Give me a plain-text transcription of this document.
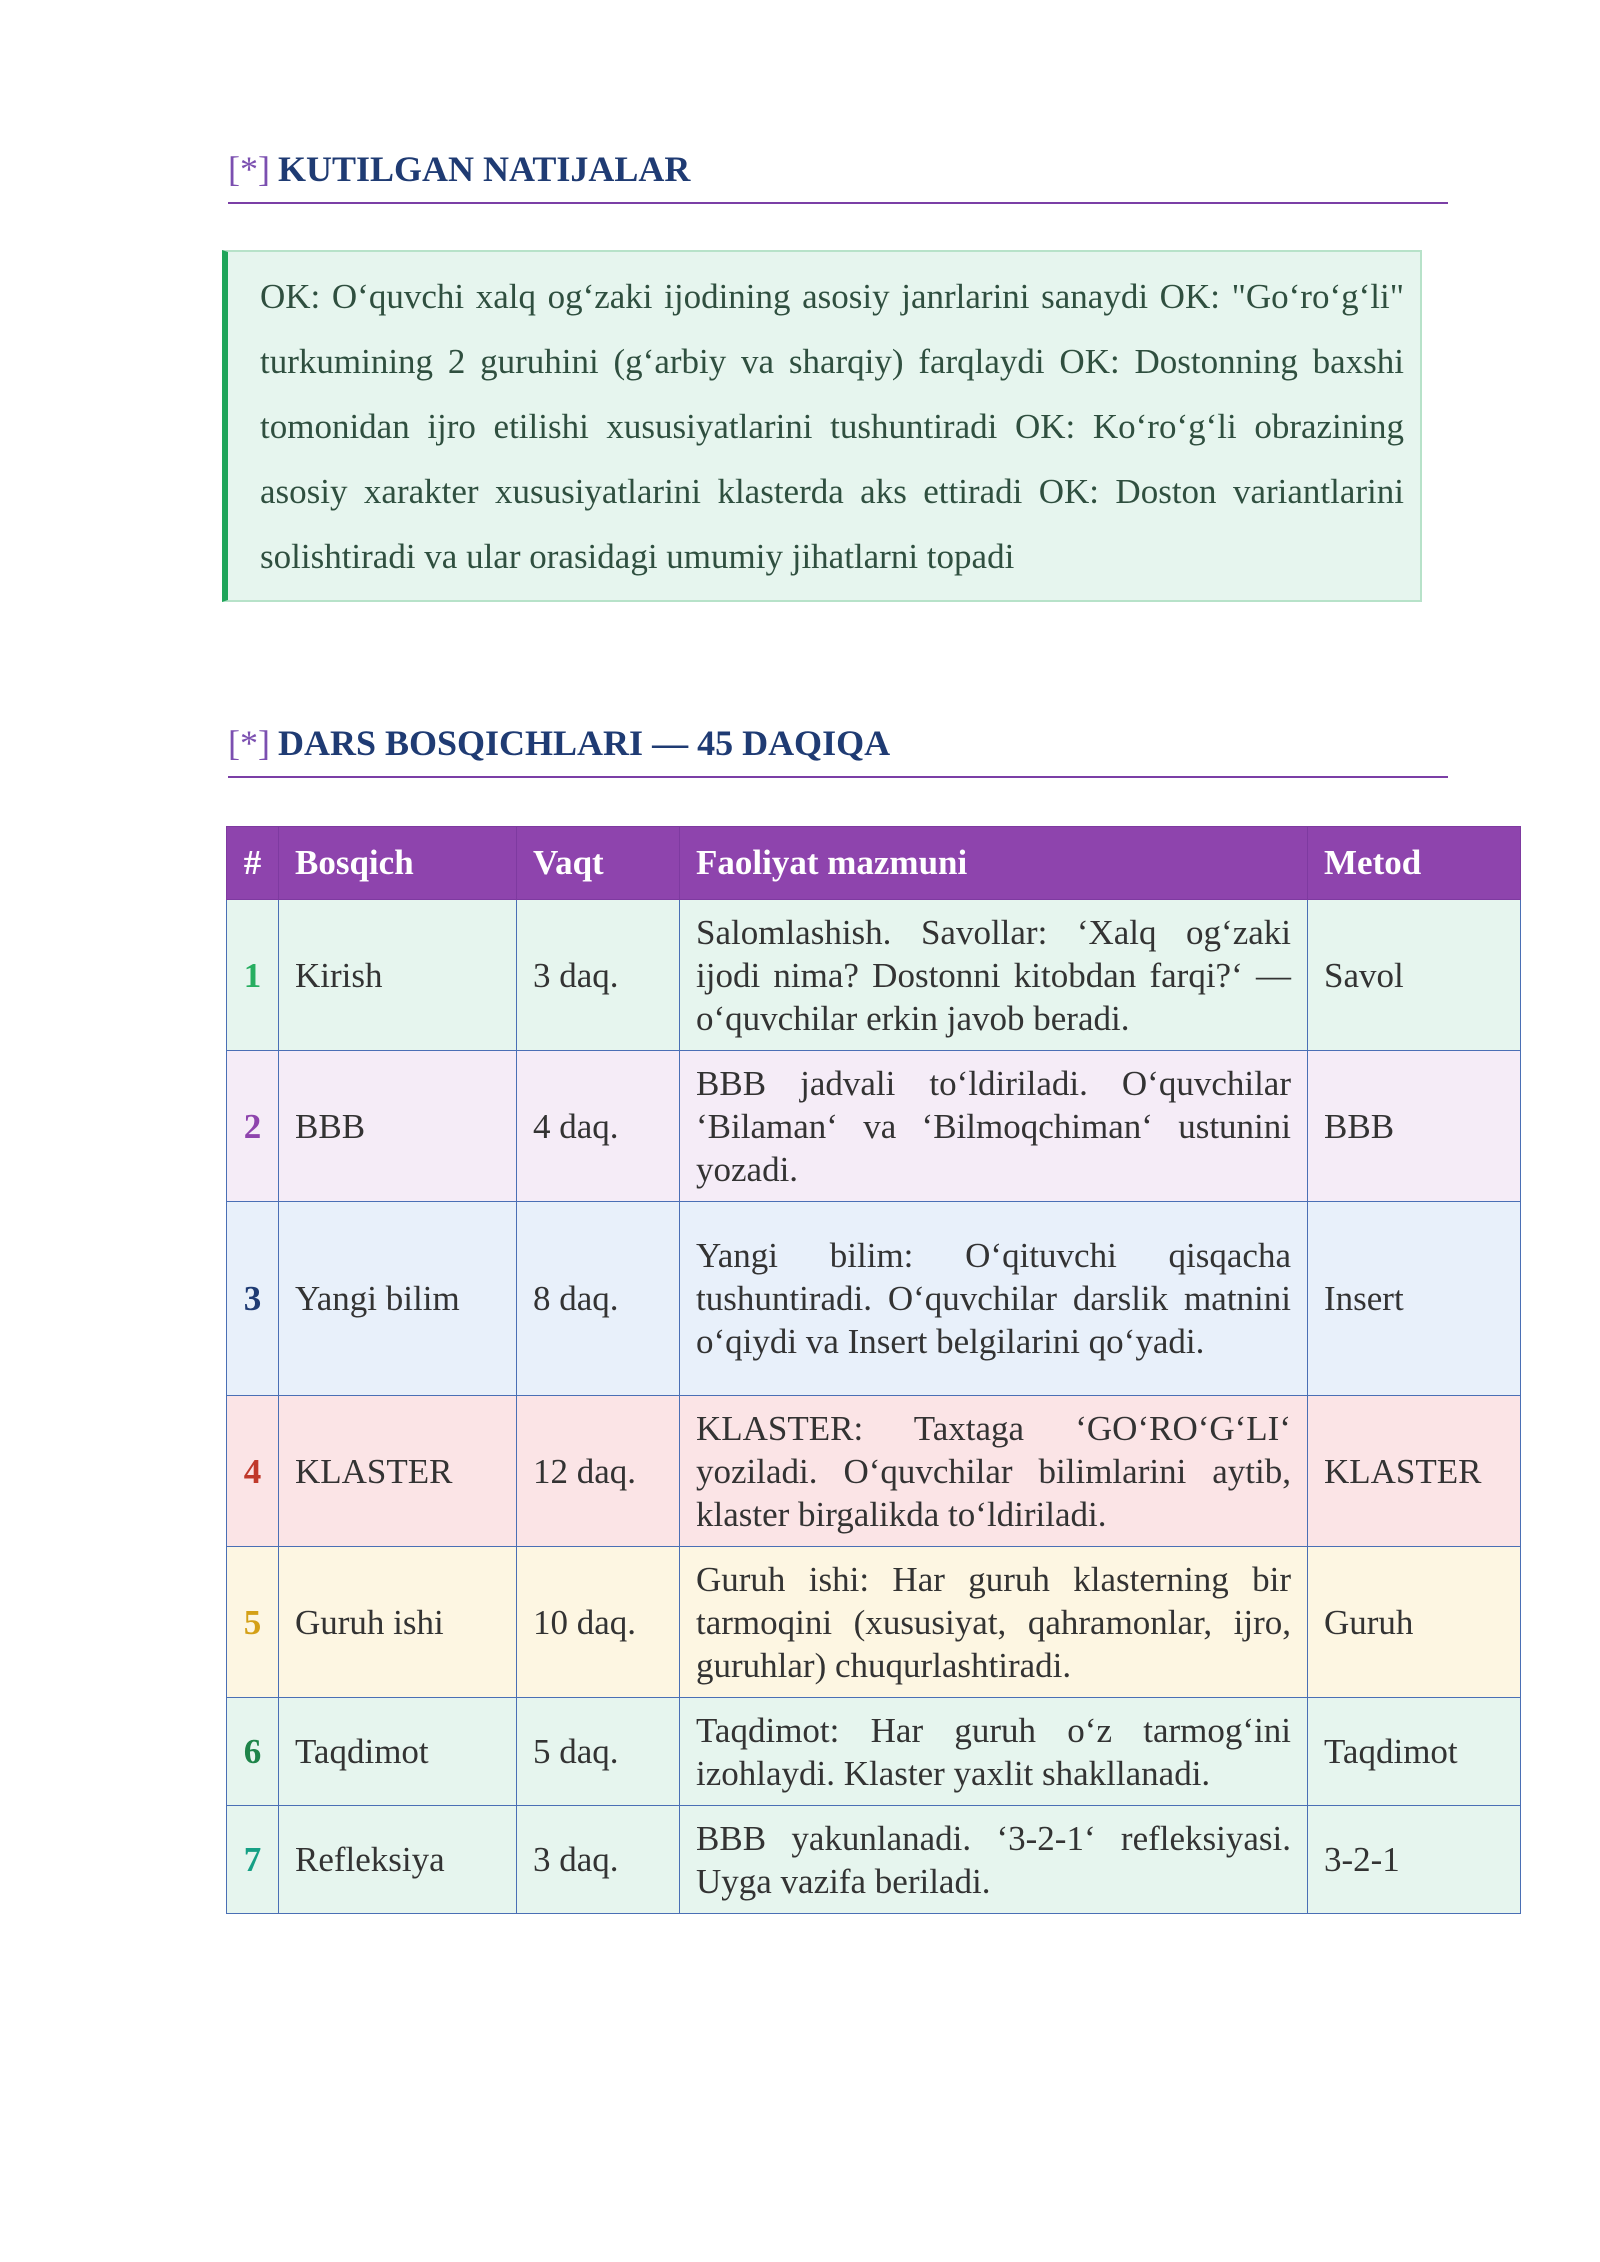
[*] KUTILGAN NATIJALAR
OK: O‘quvchi xalq og‘zaki ijodining asosiy janrlarini sanaydi OK: "Go‘ro‘g‘li" turkumining 2 guruhini (g‘arbiy va sharqiy) farqlaydi OK: Dostonning baxshi tomonidan ijro etilishi xususiyatlarini tushuntiradi OK: Ko‘ro‘g‘li obrazining asosiy xarakter xususiyatlarini klasterda aks ettiradi OK: Doston variantlarini solishtiradi va ular orasidagi umumiy jihatlarni topadi
[*] DARS BOSQICHLARI — 45 DAQIQA
#	Bosqich	Vaqt	Faoliyat mazmuni	Metod
1	Kirish	3 daq.	Salomlashish. Savollar: ‘Xalq og‘zaki ijodi nima? Dostonni kitobdan farqi?‘ — o‘quvchilar erkin javob beradi.	Savol
2	BBB	4 daq.	BBB jadvali to‘ldiriladi. O‘quvchilar ‘Bilaman‘ va ‘Bilmoqchiman‘ ustunini yozadi.	BBB
3	Yangi bilim	8 daq.	Yangi bilim: O‘qituvchi qisqacha tushuntiradi. O‘quvchilar darslik matnini o‘qiydi va Insert belgilarini qo‘yadi.	Insert
4	KLASTER	12 daq.	KLASTER: Taxtaga ‘GO‘RO‘G‘LI‘ yoziladi. O‘quvchilar bilimlarini aytib, klaster birgalikda to‘ldiriladi.	KLASTER
5	Guruh ishi	10 daq.	Guruh ishi: Har guruh klasterning bir tarmoqini (xususiyat, qahramonlar, ijro, guruhlar) chuqurlashtiradi.	Guruh
6	Taqdimot	5 daq.	Taqdimot: Har guruh o‘z tarmog‘ini izohlaydi. Klaster yaxlit shakllanadi.	Taqdimot
7	Refleksiya	3 daq.	BBB yakunlanadi. ‘3-2-1‘ refleksiyasi. Uyga vazifa beriladi.	3-2-1
